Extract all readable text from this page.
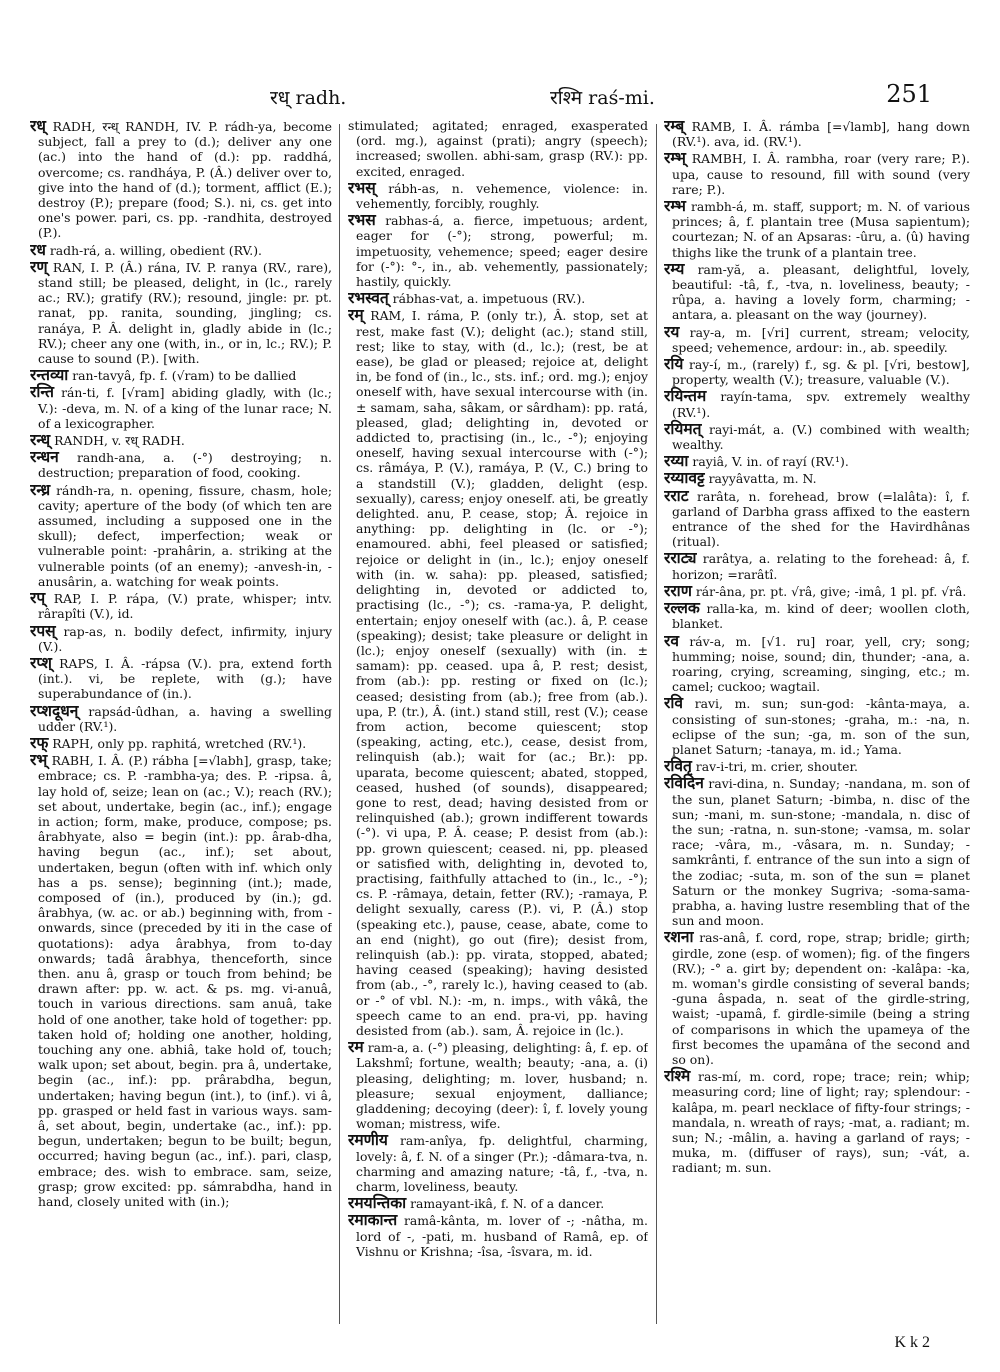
रध् radh.	रश्मि raś-mi.	251

रध् RADH, रन्ध् RANDH, IV. P. rádh-ya, become subject, fall a prey to (d.); deliver any one (ac.) into the hand of (d.): pp. raddhá, overcome; cs. randháya, P. (Â.) deliver over to, give into the hand of (d.); torment, afflict (E.); destroy (P.); prepare (food; S.). ni, cs. get into one's power. pari, cs. pp. -randhita, destroyed (P.).

रध radh-rá, a. willing, obedient (RV.).

रण् RAN, I. P. (Â.) rána, IV. P. ranya (RV., rare), stand still; be pleased, delight, in (lc., rarely ac.; RV.); gratify (RV.); resound, jingle: pr. pt. ranat, pp. ranita, sounding, jingling; cs. ranáya, P. Â. delight in, gladly abide in (lc.; RV.); cheer any one (with, in., or in, lc.; RV.); P. cause to sound (P.). [with.

रन्तव्या ran-tavyâ, fp. f. (√ram) to be dallied

रन्ति rán-ti, f. [√ram] abiding gladly, with (lc.; V.): -deva, m. N. of a king of the lunar race; N. of a lexicographer.

रन्ध् RANDH, v. रध् RADH.

रन्धन randh-ana, a. (-°) destroying; n. destruction; preparation of food, cooking.

रन्ध्र rándh-ra, n. opening, fissure, chasm, hole; cavity; aperture of the body (of which ten are assumed, including a supposed one in the skull); defect, imperfection; weak or vulnerable point: -prahârin, a. striking at the vulnerable points (of an enemy); -anvesh-in, -anusârin, a. watching for weak points.

रप् RAP, I. P. rápa, (V.) prate, whisper; intv. rârapîti (V.), id.

रपस् rap-as, n. bodily defect, infirmity, injury (V.).

रप्श् RAPS, I. Â. -rápsa (V.). pra, extend forth (int.). vi, be replete, with (g.); have superabundance of (in.).

रप्शदूधन् rapsád-ûdhan, a. having a swelling udder (RV.¹).

रफ् RAPH, only pp. raphitá, wretched (RV.¹).

रभ् RABH, I. Â. (P.) rábha [=√labh], grasp, take; embrace; cs. P. -rambha-ya; des. P. -ripsa. â, lay hold of, seize; lean on (ac.; V.); reach (RV.); set about, undertake, begin (ac., inf.); engage in action; form, make, produce, compose; ps. ârabhyate, also = begin (int.): pp. ârab-dha, having begun (ac., inf.); set about, undertaken, begun (often with inf. which only has a ps. sense); beginning (int.); made, composed of (in.), produced by (in.); gd. ârabhya, (w. ac. or ab.) beginning with, from - onwards, since (preceded by iti in the case of quotations): adya ârabhya, from to-day onwards; tadâ ârabhya, thenceforth, since then. anu â, grasp or touch from behind; be drawn after: pp. w. act. & ps. mg. vi-anuâ, touch in various directions. sam anuâ, take hold of one another, take hold of together: pp. taken hold of; holding one another, holding, touching any one. abhiâ, take hold of, touch; walk upon; set about, begin. pra â, undertake, begin (ac., inf.): pp. prârabdha, begun, undertaken; having begun (int.), to (inf.). vi â, pp. grasped or held fast in various ways. sam-â, set about, begin, undertake (ac., inf.): pp. begun, undertaken; begun to be built; begun, occurred; having begun (ac., inf.). pari, clasp, embrace; des. wish to embrace. sam, seize, grasp; grow excited: pp. sámrabdha, hand in hand, closely united with (in.);

stimulated; agitated; enraged, exasperated (ord. mg.), against (prati); angry (speech); increased; swollen. abhi-sam, grasp (RV.): pp. excited, enraged.

रभस् rábh-as, n. vehemence, violence: in. vehemently, forcibly, roughly.

रभस rabhas-á, a. fierce, impetuous; ardent, eager for (-°); strong, powerful; m. impetuosity, vehemence; speed; eager desire for (-°): °-, in., ab. vehemently, passionately; hastily, quickly.

रभस्वत् rábhas-vat, a. impetuous (RV.).

रम् RAM, I. ráma, P. (only tr.), Â. stop, set at rest, make fast (V.); delight (ac.); stand still, rest; like to stay, with (d., lc.); (rest, be at ease), be glad or pleased; rejoice at, delight in, be fond of (in., lc., sts. inf.; ord. mg.); enjoy oneself with, have sexual intercourse with (in. ± samam, saha, sâkam, or sârdham): pp. ratá, pleased, glad; delighting in, devoted or addicted to, practising (in., lc., -°); enjoying oneself, having sexual intercourse with (-°); cs. râmáya, P. (V.), ramáya, P. (V., C.) bring to a standstill (V.); gladden, delight (esp. sexually), caress; enjoy oneself. ati, be greatly delighted. anu, P. cease, stop; Â. rejoice in anything: pp. delighting in (lc. or -°); enamoured. abhi, feel pleased or satisfied; rejoice or delight in (in., lc.); enjoy oneself with (in. w. saha): pp. pleased, satisfied; delighting in, devoted or addicted to, practising (lc., -°); cs. -rama-ya, P. delight, entertain; enjoy oneself with (ac.). â, P. cease (speaking); desist; take pleasure or delight in (lc.); enjoy oneself (sexually) with (in. ± samam): pp. ceased. upa â, P. rest; desist, from (ab.): pp. resting or fixed on (lc.); ceased; desisting from (ab.); free from (ab.). upa, P. (tr.), Â. (int.) stand still, rest (V.); cease from action, become quiescent; stop (speaking, acting, etc.), cease, desist from, relinquish (ab.); wait for (ac.; Br.): pp. uparata, become quiescent; abated, stopped, ceased, hushed (of sounds), disappeared; gone to rest, dead; having desisted from or relinquished (ab.); grown indifferent towards (-°). vi upa, P. Â. cease; P. desist from (ab.): pp. grown quiescent; ceased. ni, pp. pleased or satisfied with, delighting in, devoted to, practising, faithfully attached to (in., lc., -°); cs. P. -râmaya, detain, fetter (RV.); -ramaya, P. delight sexually, caress (P.). vi, P. (Â.) stop (speaking etc.), pause, cease, abate, come to an end (night), go out (fire); desist from, relinquish (ab.): pp. virata, stopped, abated; having ceased (speaking); having desisted from (ab., -°, rarely lc.), having ceased to (ab. or -° of vbl. N.): -m, n. imps., with vâkâ, the speech came to an end. pra-vi, pp. having desisted from (ab.). sam, Â. rejoice in (lc.).

रम ram-a, a. (-°) pleasing, delighting: â, f. ep. of Lakshmî; fortune, wealth; beauty; -ana, a. (i) pleasing, delighting; m. lover, husband; n. pleasure; sexual enjoyment, dalliance; gladdening; decoying (deer): î, f. lovely young woman; mistress, wife.

रमणीय ram-anîya, fp. delightful, charming, lovely: â, f. N. of a singer (Pr.); -dâmara-tva, n. charming and amazing nature; -tâ, f., -tva, n. charm, loveliness, beauty.

रमयन्तिका ramayant-ikâ, f. N. of a dancer.

रमाकान्त ramâ-kânta, m. lover of -; -nâtha, m. lord of -, -pati, m. husband of Ramâ, ep. of Vishnu or Krishna; -îsa, -îsvara, m. id.

रम्ब् RAMB, I. Â. rámba [=√lamb], hang down (RV.¹). ava, id. (RV.¹).

रम्भ् RAMBH, I. Â. rambha, roar (very rare; P.). upa, cause to resound, fill with sound (very rare; P.).

रम्भ rambh-á, m. staff, support; m. N. of various princes; â, f. plantain tree (Musa sapientum); courtezan; N. of an Apsaras: -ûru, a. (û) having thighs like the trunk of a plantain tree.

रम्य ram-yă, a. pleasant, delightful, lovely, beautiful: -tâ, f., -tva, n. loveliness, beauty; -rûpa, a. having a lovely form, charming; -antara, a. pleasant on the way (journey).

रय ray-a, m. [√ri] current, stream; velocity, speed; vehemence, ardour: in., ab. speedily.

रयि ray-í, m., (rarely) f., sg. & pl. [√ri, bestow], property, wealth (V.); treasure, valuable (V.).

रयिन्तम rayín-tama, spv. extremely wealthy (RV.¹).

रयिमत् rayi-mát, a. (V.) combined with wealth; wealthy.

रय्या rayiâ, V. in. of rayí (RV.¹).

रय्यावट्ट rayyâvatta, m. N.

रराट rarâta, n. forehead, brow (=lalâta): î, f. garland of Darbha grass affixed to the eastern entrance of the shed for the Havirdhânas (ritual).

रराट्य rarâtya, a. relating to the forehead: â, f. horizon; =rarâtî.

रराण rár-âna, pr. pt. √râ, give; -imâ, 1 pl. pf. √râ.

रल्लक ralla-ka, m. kind of deer; woollen cloth, blanket.

रव ráv-a, m. [√1. ru] roar, yell, cry; song; humming; noise, sound; din, thunder; -ana, a. roaring, crying, screaming, singing, etc.; m. camel; cuckoo; wagtail.

रवि ravi, m. sun; sun-god: -kânta-maya, a. consisting of sun-stones; -graha, m.: -na, n. eclipse of the sun; -ga, m. son of the sun, planet Saturn; -tanaya, m. id.; Yama.

रवितृ rav-i-tri, m. crier, shouter.

रविदिन ravi-dina, n. Sunday; -nandana, m. son of the sun, planet Saturn; -bimba, n. disc of the sun; -mani, m. sun-stone; -mandala, n. disc of the sun; -ratna, n. sun-stone; -vamsa, m. solar race; -vâra, m., -vâsara, m. n. Sunday; -samkrânti, f. entrance of the sun into a sign of the zodiac; -suta, m. son of the sun = planet Saturn or the monkey Sugriva; -soma-sama-prabha, a. having lustre resembling that of the sun and moon.

रशना ras-anâ, f. cord, rope, strap; bridle; girth; girdle, zone (esp. of women); fig. of the fingers (RV.); -° a. girt by; dependent on: -kalâpa: -ka, m. woman's girdle consisting of several bands; -guna âspada, n. seat of the girdle-string, waist; -upamâ, f. girdle-simile (being a string of comparisons in which the upameya of the first becomes the upamâna of the second and so on).

रश्मि ras-mí, m. cord, rope; trace; rein; whip; measuring cord; line of light; ray; splendour: -kalâpa, m. pearl necklace of fifty-four strings; -mandala, n. wreath of rays; -mat, a. radiant; m. sun; N.; -mâlin, a. having a garland of rays; -muka, m. (diffuser of rays), sun; -vát, a. radiant; m. sun.

K k 2
